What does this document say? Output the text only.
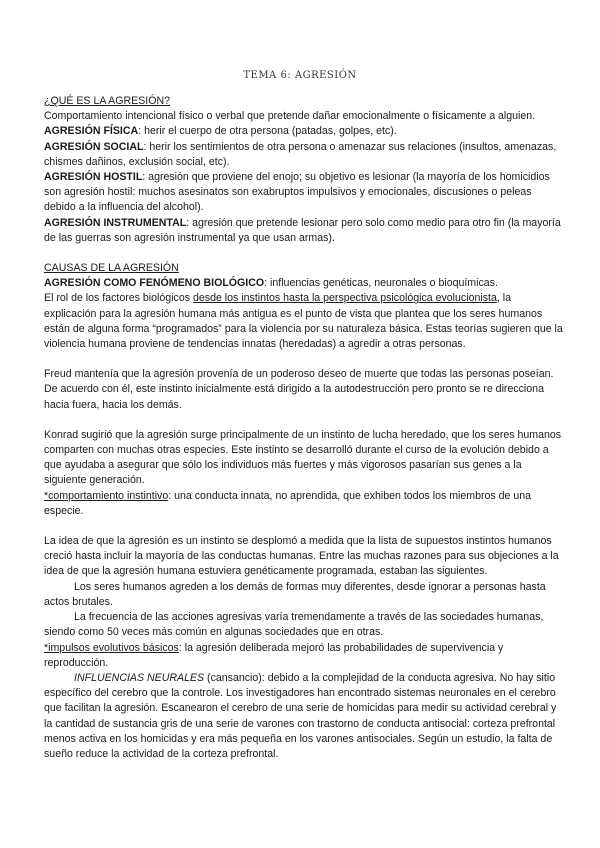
TEMA 6: AGRESIÓN

¿QUÉ ES LA AGRESIÓN?

Comportamiento intencional físico o verbal que pretende dañar emocionalmente o físicamente a alguien.

AGRESIÓN FÍSICA: herir el cuerpo de otra persona (patadas, golpes, etc).

AGRESIÓN SOCIAL: herir los sentimientos de otra persona o amenazar sus relaciones (insultos, amenazas, chismes dañinos, exclusión social, etc).

AGRESIÓN HOSTIL: agresión que proviene del enojo; su objetivo es lesionar (la mayoría de los homicidios son agresión hostil: muchos asesinatos son exabruptos impulsivos y emocionales, discusiones o peleas debido a la influencia del alcohol).

AGRESIÓN INSTRUMENTAL: agresión que pretende lesionar pero solo como medio para otro fin (la mayoría de las guerras son agresión instrumental ya que usan armas).

CAUSAS DE LA AGRESIÓN

AGRESIÓN COMO FENÓMENO BIOLÓGICO: influencias genéticas, neuronales o bioquímicas.

El rol de los factores biológicos desde los instintos hasta la perspectiva psicológica evolucionista, la explicación para la agresión humana más antigua es el punto de vista que plantea que los seres humanos están de alguna forma “programados” para la violencia por su naturaleza básica. Estas teorías sugieren que la violencia humana proviene de tendencias innatas (heredadas) a agredir a otras personas.

Freud mantenía que la agresión provenía de un poderoso deseo de muerte que todas las personas poseían. De acuerdo con él, este instinto inicialmente está dirigido a la autodestrucción pero pronto se re direcciona hacia fuera, hacia los demás.

Konrad sugirió que la agresión surge principalmente de un instinto de lucha heredado, que los seres humanos comparten con muchas otras especies. Este instinto se desarrolló durante el curso de la evolución debido a que ayudaba a asegurar que sólo los individuos más fuertes y más vigorosos pasarían sus genes a la siguiente generación.

*comportamiento instintivo: una conducta innata, no aprendida, que exhiben todos los miembros de una especie.

La idea de que la agresión es un instinto se desplomó a medida que la lista de supuestos instintos humanos creció hasta incluir la mayoría de las conductas humanas. Entre las muchas razones para sus objeciones a la idea de que la agresión humana estuviera genéticamente programada, estaban las siguientes.

Los seres humanos agreden a los demás de formas muy diferentes, desde ignorar a personas hasta actos brutales.

La frecuencia de las acciones agresivas varía tremendamente a través de las sociedades humanas, siendo como 50 veces más común en algunas sociedades que en otras.

*impulsos evolutivos básicos: la agresión deliberada mejoró las probabilidades de supervivencia y reproducción.

INFLUENCIAS NEURALES (cansancio): debido a la complejidad de la conducta agresiva. No hay sitio específico del cerebro que la controle. Los investigadores han encontrado sistemas neuronales en el cerebro que facilitan la agresión. Escanearon el cerebro de una serie de homicidas para medir su actividad cerebral y la cantidad de sustancia gris de una serie de varones con trastorno de conducta antisocial: corteza prefrontal menos activa en los homicidas y era más pequeña en los varones antisociales. Según un estudio, la falta de sueño reduce la actividad de la corteza prefrontal.
